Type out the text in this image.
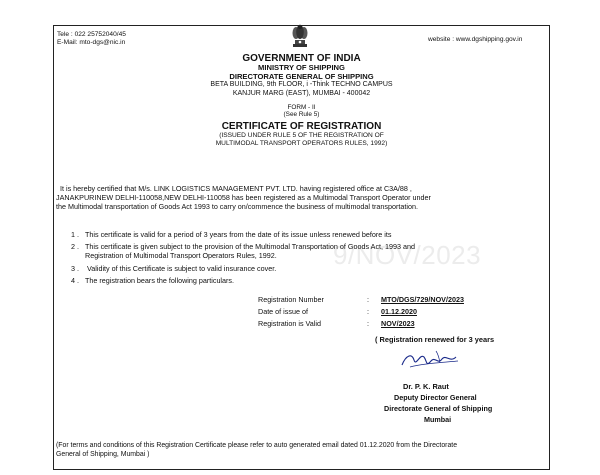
Tele : 022 25752040/45
E-Mail: mto-dgs@nic.in	website : www.dgshipping.gov.in
GOVERNMENT OF INDIA
MINISTRY OF SHIPPING
DIRECTORATE GENERAL OF SHIPPING
BETA BUILDING, 9th FLOOR, i -Think TECHNO CAMPUS
KANJUR MARG (EAST), MUMBAI - 400042
FORM - II
(See Rule 5)
CERTIFICATE OF REGISTRATION
(ISSUED UNDER RULE 5 OF THE REGISTRATION OF
MULTIMODAL TRANSPORT OPERATORS RULES, 1992)
It is hereby certified that M/s. LINK LOGISTICS MANAGEMENT PVT. LTD. having registered office at C3A/88 ,
JANAKPURINEW DELHI-110058,NEW DELHI-110058 has been registered as a Multimodal Transport Operator under
the Multimodal transportation of Goods Act 1993 to carry on/commence the business of multimodal transportation.
9/NOV/2023
1 . This certificate is valid for a period of 3 years from the date of its issue unless renewed before its
2 . This certificate is given subject to the provision of the Multimodal Transportation of Goods Act, 1993 and
Registration of Multimodal Transport Operators Rules, 1992.
3 . Validity of this Certificate is subject to valid insurance cover.
4 . The registration bears the following particulars.
Registration Number	: MTO/DGS/729/NOV/2023
Date of issue of	: 01.12.2020
Registration is Valid	: NOV/2023
( Registration renewed for 3 years
Dr. P. K. Raut
Deputy Director General
Directorate General of Shipping
Mumbai
(For terms and conditions of this Registration Certificate please refer to auto generated email dated 01.12.2020 from the Directorate
General of Shipping, Mumbai )
